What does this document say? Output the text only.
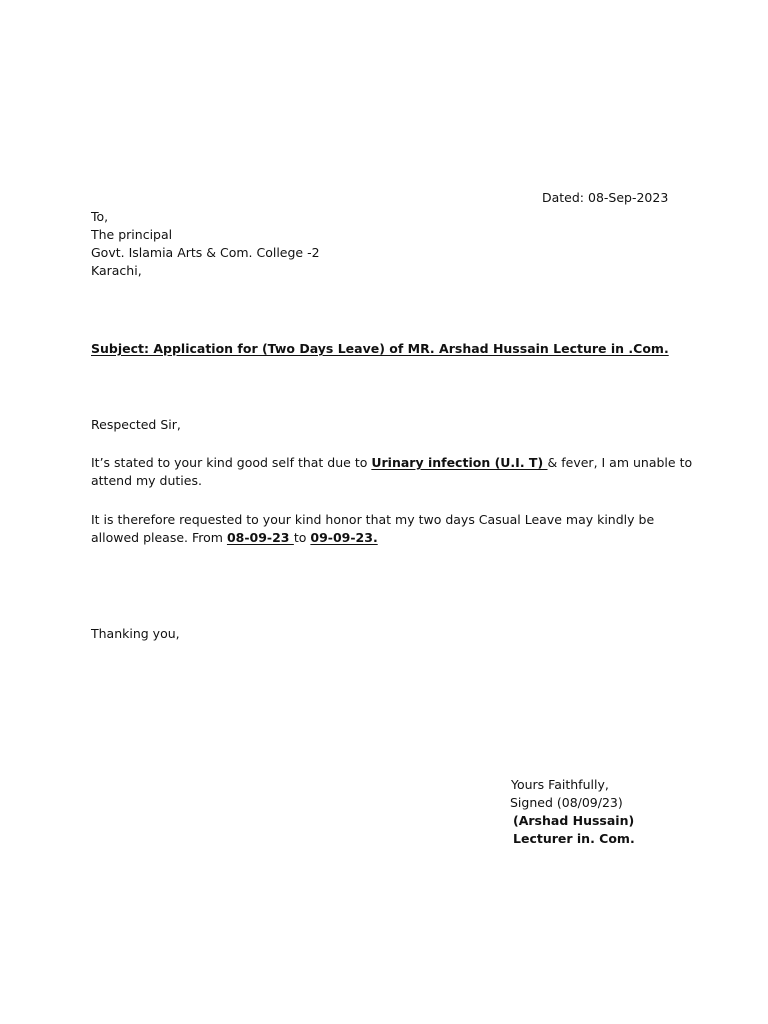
Dated: 08-Sep-2023
To,
The principal
Govt. Islamia Arts & Com. College -2
Karachi,
Subject: Application for (Two Days Leave) of MR. Arshad Hussain Lecture in .Com.
Respected Sir,
It’s stated to your kind good self that due to Urinary infection (U.I. T) & fever, I am unable to
attend my duties.
It is therefore requested to your kind honor that my two days Casual Leave may kindly be
allowed please. From 08-09-23 to 09-09-23.
Thanking you,
Yours Faithfully,
Signed (08/09/23)
(Arshad Hussain)
Lecturer in. Com.
